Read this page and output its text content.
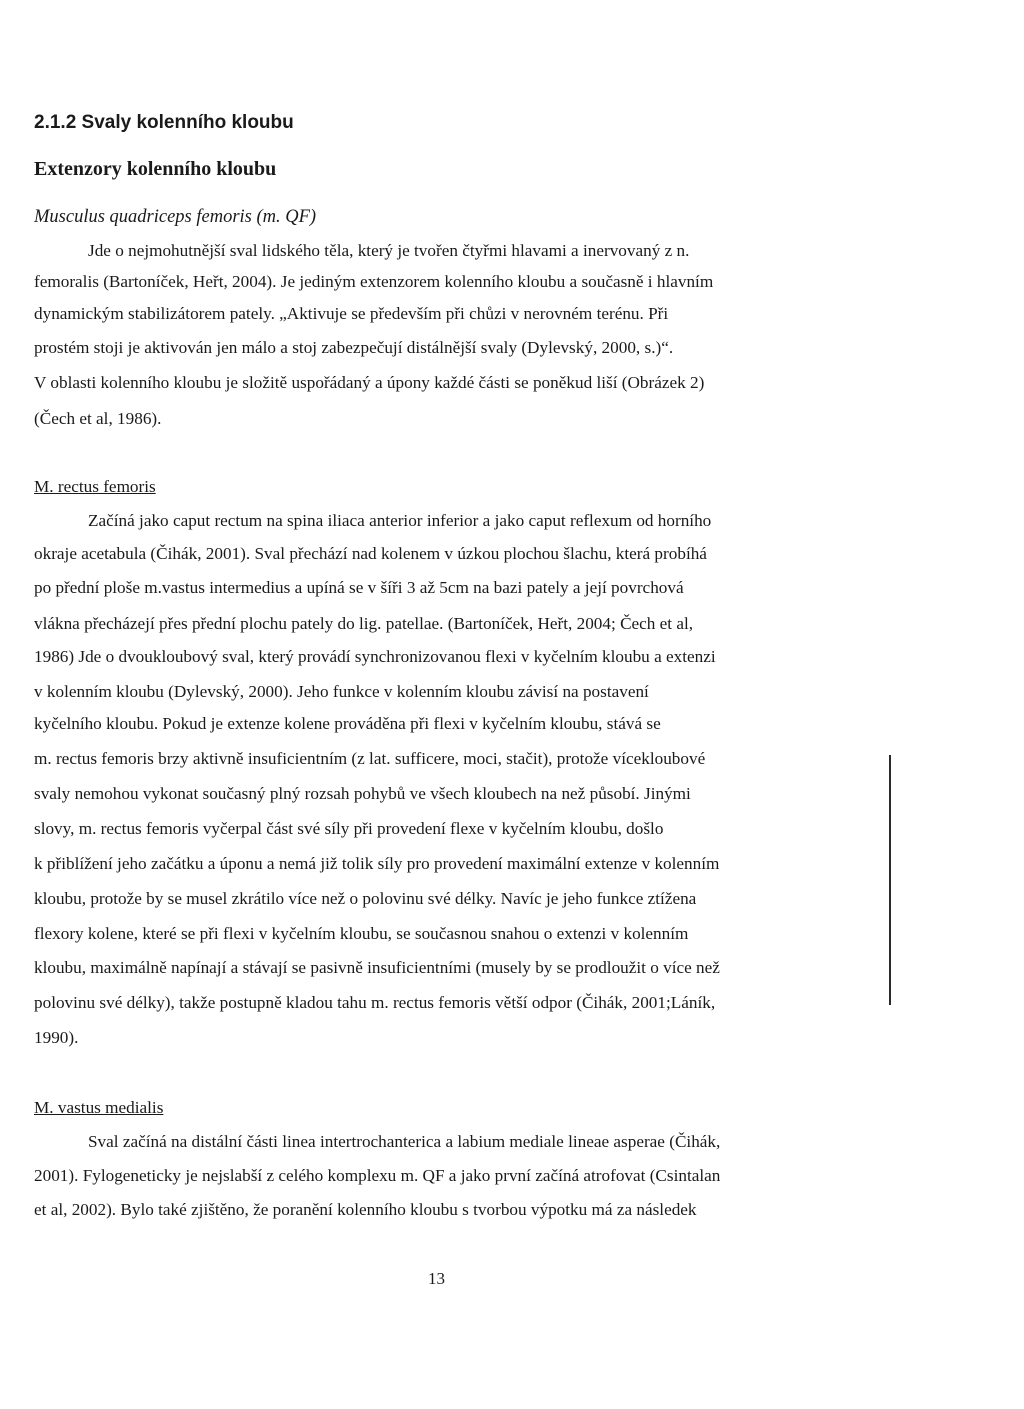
2.1.2 Svaly kolenního kloubu
Extenzory kolenního kloubu
Musculus quadriceps femoris (m. QF)
Jde o nejmohutnější sval lidského těla, který je tvořen čtyřmi hlavami a inervovaný z n.
femoralis (Bartoníček, Heřt, 2004). Je jediným extenzorem kolenního kloubu a současně i hlavním
dynamickým stabilizátorem pately. „Aktivuje se především při chůzi v nerovném terénu. Při
prostém stoji je aktivován jen málo a stoj zabezpečují distálnější svaly (Dylevský, 2000, s.)“.
V oblasti kolenního kloubu je složitě uspořádaný a úpony každé části se poněkud liší (Obrázek 2)
(Čech et al, 1986).
M. rectus femoris
Začíná jako caput rectum na spina iliaca anterior inferior a jako caput reflexum od horního
okraje acetabula (Čihák, 2001). Sval přechází nad kolenem v úzkou plochou šlachu, která probíhá
po přední ploše m.vastus intermedius a upíná se v šíři 3 až 5cm na bazi pately a její povrchová
vlákna přecházejí přes přední plochu pately do lig. patellae. (Bartoníček, Heřt, 2004; Čech et al,
1986) Jde o dvoukloubový sval, který provádí synchronizovanou flexi v kyčelním kloubu a extenzi
v kolenním kloubu (Dylevský, 2000). Jeho funkce v kolenním kloubu závisí na postavení
kyčelního kloubu. Pokud je extenze kolene prováděna při flexi v kyčelním kloubu, stává se
m. rectus femoris brzy aktivně insuficientním (z lat. sufficere, moci, stačit), protože vícekloubové
svaly nemohou vykonat současný plný rozsah pohybů ve všech kloubech na než působí. Jinými
slovy, m. rectus femoris vyčerpal část své síly při provedení flexe v kyčelním kloubu, došlo
k přiblížení jeho začátku a úponu a nemá již tolik síly pro provedení maximální extenze v kolenním
kloubu, protože by se musel zkrátilo více než o polovinu své délky. Navíc je jeho funkce ztížena
flexory kolene, které se při flexi v kyčelním kloubu, se současnou snahou o extenzi v kolenním
kloubu, maximálně napínají a stávají se pasivně insuficientními (musely by se prodloužit o více než
polovinu své délky), takže postupně kladou tahu m. rectus femoris větší odpor (Čihák, 2001;Láník,
1990).
M. vastus medialis
Sval začíná na distální části linea intertrochanterica a labium mediale lineae asperae (Čihák,
2001). Fylogeneticky je nejslabší z celého komplexu m. QF a jako první začíná atrofovat (Csintalan
et al, 2002). Bylo také zjištěno, že poranění kolenního kloubu s tvorbou výpotku má za následek
13
